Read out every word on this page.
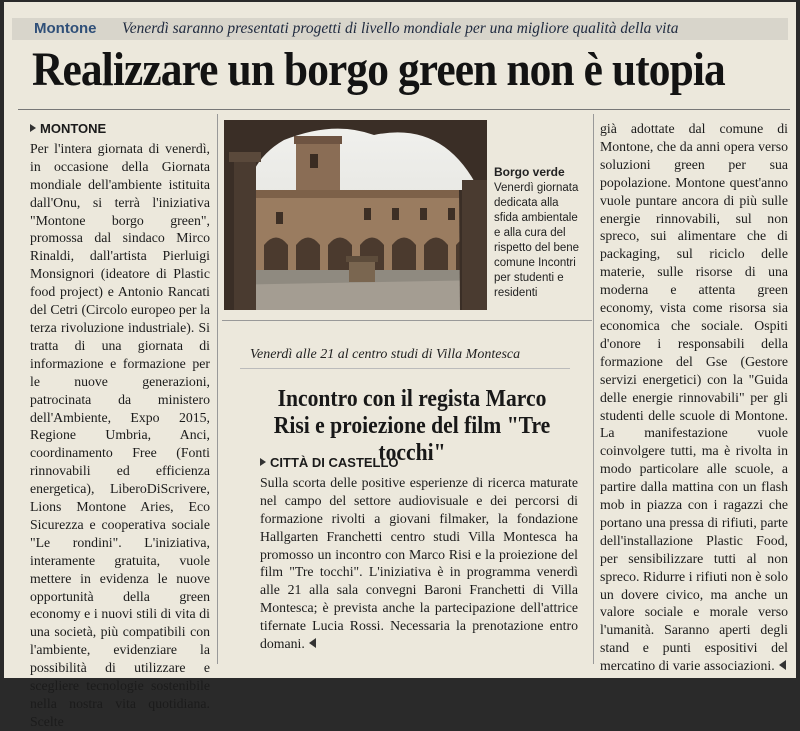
Montone Venerdì saranno presentati progetti di livello mondiale per una migliore qualità della vita
Realizzare un borgo green non è utopia
MONTONE

Per l'intera giornata di venerdì, in occasione della Giornata mondiale dell'ambiente istituita dall'Onu, si terrà l'iniziativa "Montone borgo green", promossa dal sindaco Mirco Rinaldi, dall'artista Pierluigi Monsignori (ideatore di Plastic food project) e Antonio Rancati del Cetri (Circolo europeo per la terza rivoluzione industriale). Si tratta di una giornata di informazione e formazione per le nuove generazioni, patrocinata da ministero dell'Ambiente, Expo 2015, Regione Umbria, Anci, coordinamento Free (Fonti rinnovabili ed efficienza energetica), LiberoDiScrivere, Lions Montone Aries, Eco Sicurezza e cooperativa sociale "Le rondini". L'iniziativa, interamente gratuita, vuole mettere in evidenza le nuove opportunità della green economy e i nuovi stili di vita di una società, più compatibili con l'ambiente, evidenziare la possibilità di utilizzare e scegliere tecnologie sostenibile nella nostra vita quotidiana. Scelte

Borgo verde
Venerdì giornata dedicata alla sfida ambientale e alla cura del rispetto del bene comune Incontri per studenti e residenti
Venerdì alle 21 al centro studi di Villa Montesca
Incontro con il regista Marco Risi e proiezione del film "Tre tocchi"
CITTÀ DI CASTELLO

Sulla scorta delle positive esperienze di ricerca maturate nel campo del settore audiovisuale e dei percorsi di formazione rivolti a giovani filmaker, la fondazione Hallgarten Franchetti centro studi Villa Montesca ha promosso un incontro con Marco Risi e la proiezione del film "Tre tocchi". L'iniziativa è in programma venerdì alle 21 alla sala convegni Baroni Franchetti di Villa Montesca; è prevista anche la partecipazione dell'attrice tifernate Lucia Rossi. Necessaria la prenotazione entro domani.

già adottate dal comune di Montone, che da anni opera verso soluzioni green per sua popolazione. Montone quest'anno vuole puntare ancora di più sulle energie rinnovabili, sul non spreco, sui alimentare che di packaging, sul riciclo delle materie, sulle risorse di una moderna e attenta green economy, vista come risorsa sia economica che sociale. Ospiti d'onore i responsabili della formazione del Gse (Gestore servizi energetici) con la "Guida delle energie rinnovabili" per gli studenti delle scuole di Montone. La manifestazione vuole coinvolgere tutti, ma è rivolta in modo particolare alle scuole, a partire dalla mattina con un flash mob in piazza con i ragazzi che portano una pressa di rifiuti, parte dell'installazione Plastic Food, per sensibilizzare tutti al non spreco. Ridurre i rifiuti non è solo un dovere civico, ma anche un valore sociale e morale verso l'umanità. Saranno aperti degli stand e punti espositivi del mercatino di varie associazioni.
